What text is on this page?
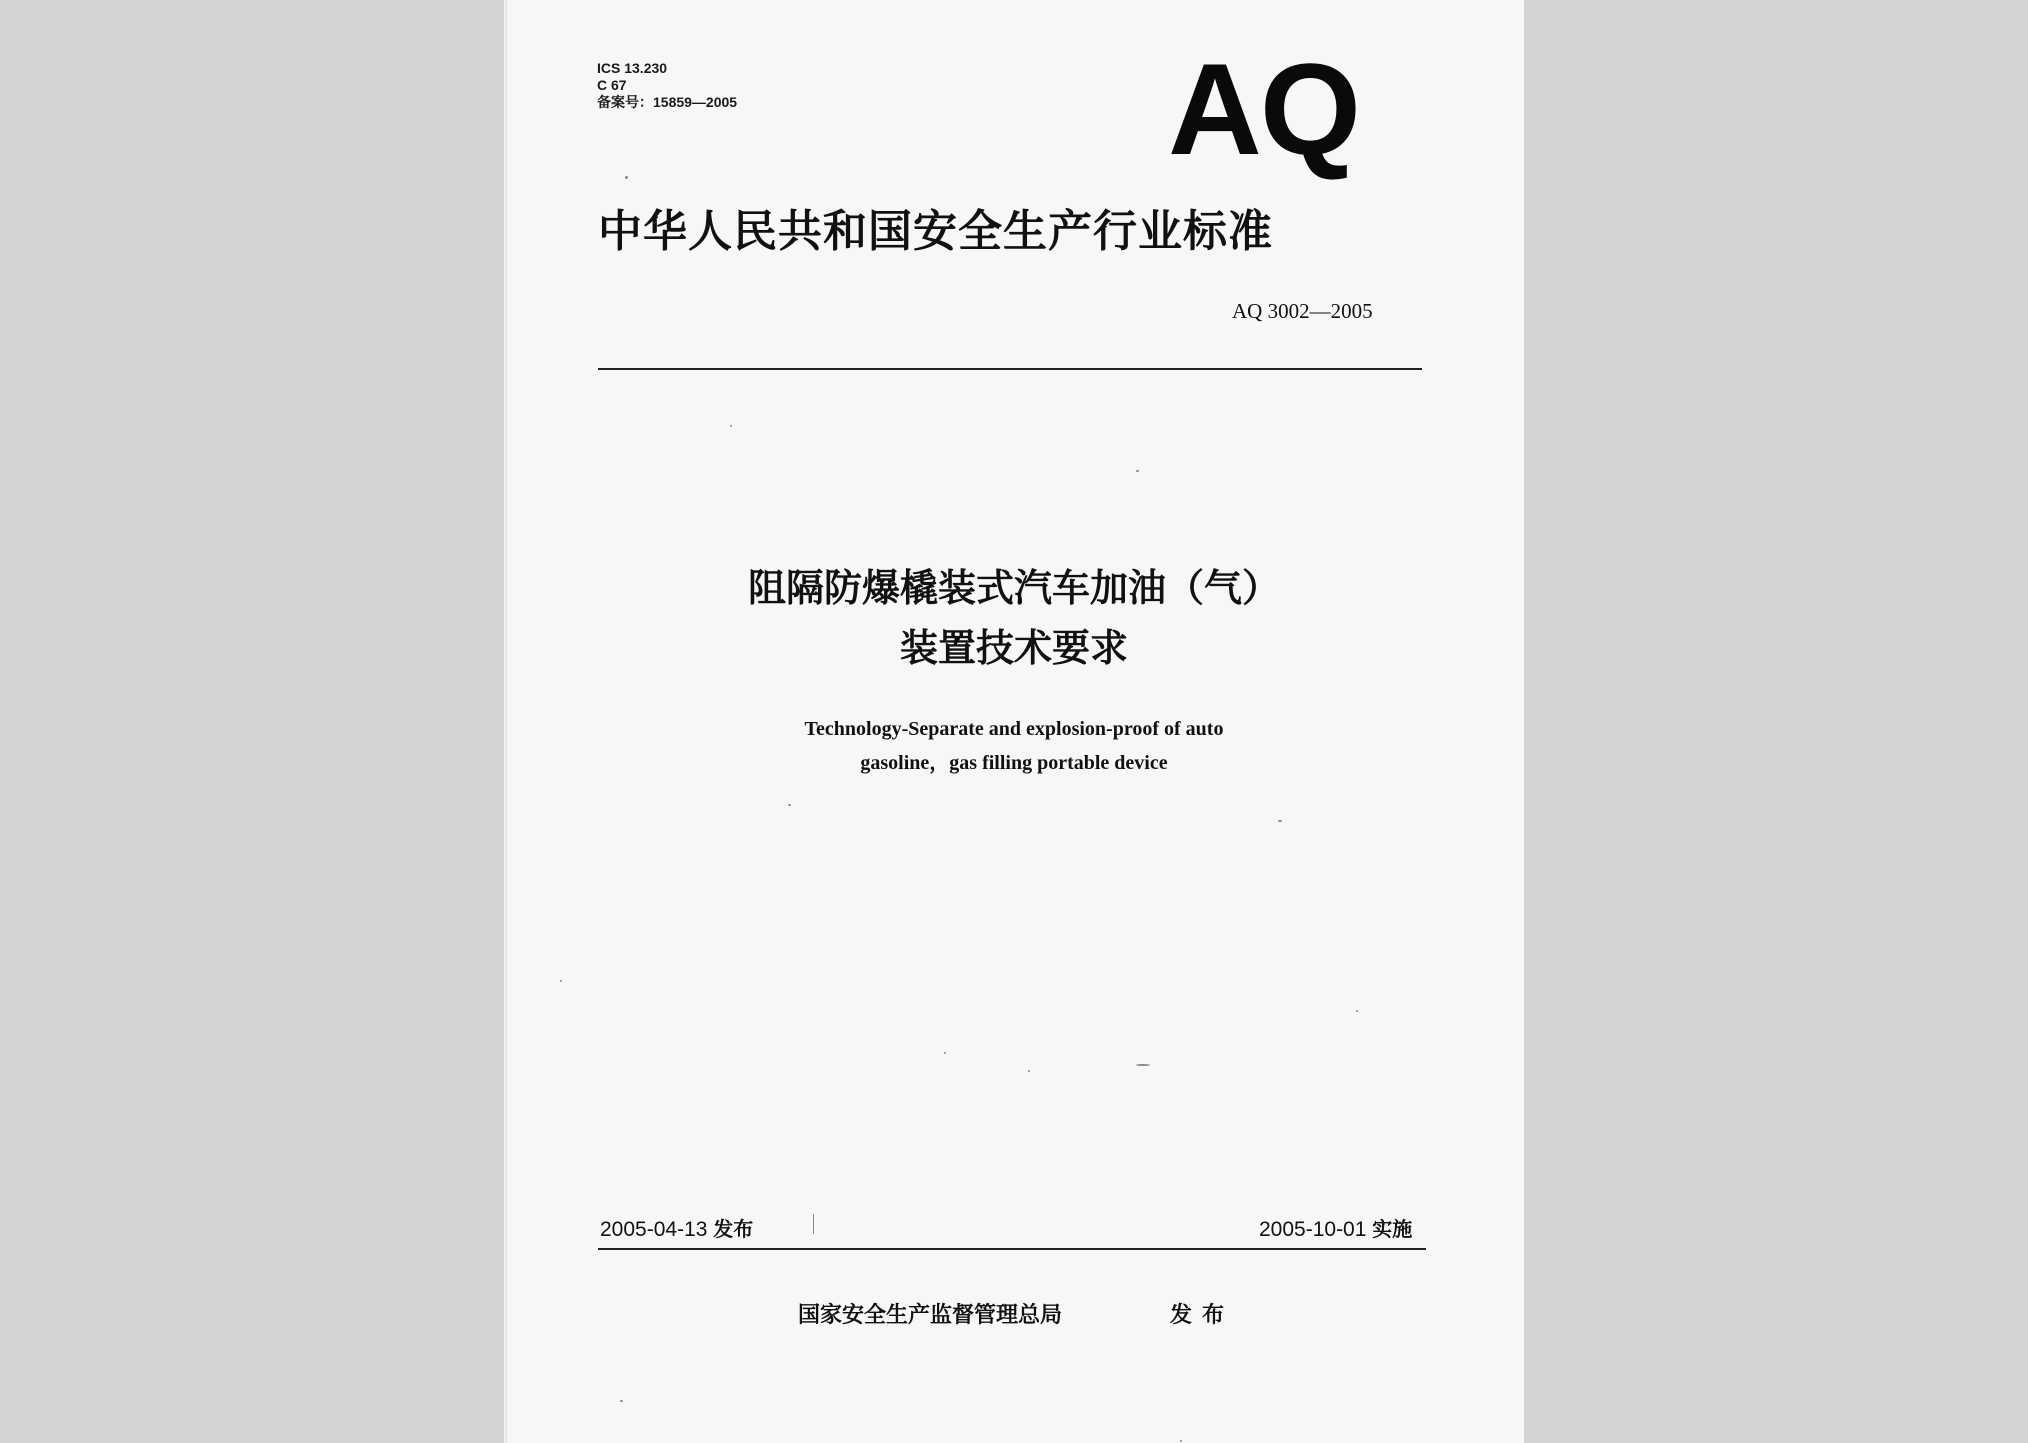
ICS 13.230
C 67
备案号：15859—2005	AQ
中华人民共和国安全生产行业标准
AQ 3002—2005
阻隔防爆橇装式汽车加油（气）
装置技术要求
Technology-Separate and explosion-proof of auto
gasoline，gas filling portable device
2005-04-13 发布	2005-10-01 实施
国家安全生产监督管理总局	发布
